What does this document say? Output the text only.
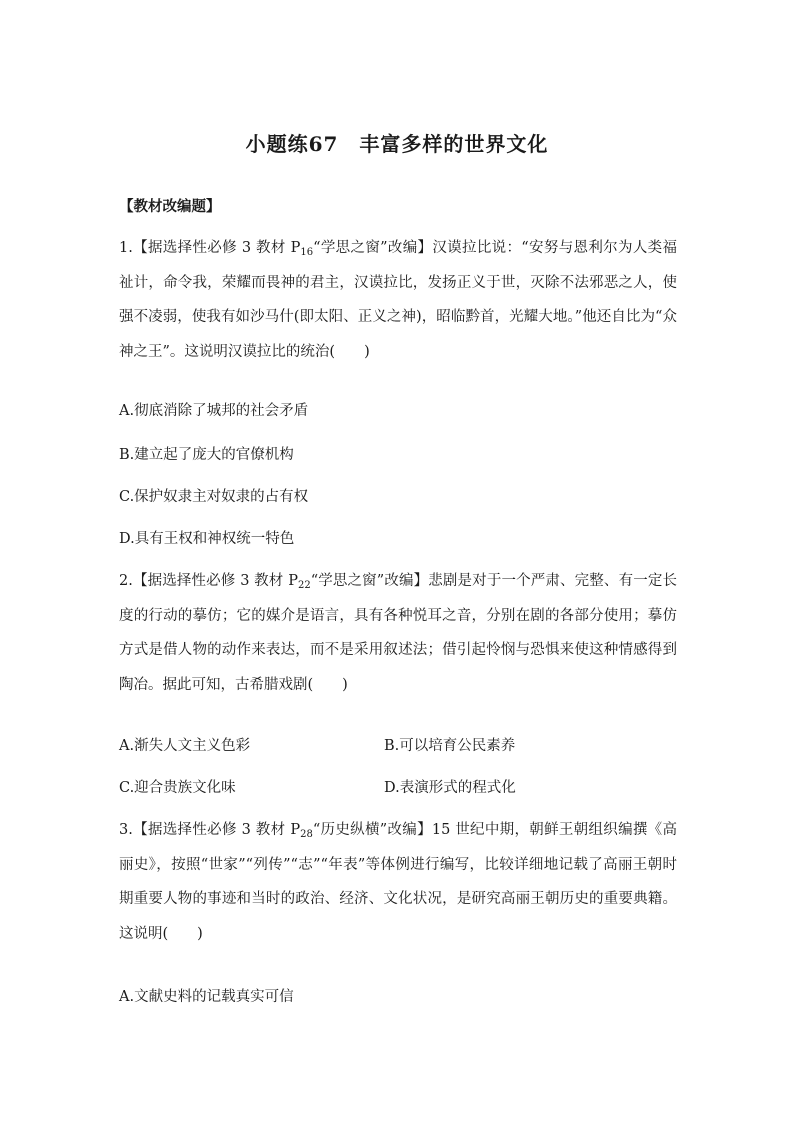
小题练67　丰富多样的世界文化
【教材改编题】
1.【据选择性必修 3 教材 $P_{16}“$学思之窗”改编】汉谟拉比说：“安努与恩利尔为人类福祉计，命令我，荣耀而畏神的君主，汉谟拉比，发扬正义于世，灭除不法邪恶之人，使强不凌弱，使我有如沙马什(即太阳、正义之神)，昭临黔首，光耀大地。”他还自比为“众神之王”。这说明汉谟拉比的统治(　　)
A.彻底消除了城邦的社会矛盾
B.建立起了庞大的官僚机构
C.保护奴隶主对奴隶的占有权
D.具有王权和神权统一特色
2.【据选择性必修 3 教材 $P_{22}“$学思之窗”改编】悲剧是对于一个严肃、完整、有一定长度的行动的摹仿；它的媒介是语言，具有各种悦耳之音，分别在剧的各部分使用；摹仿方式是借人物的动作来表达，而不是采用叙述法；借引起怜悯与恐惧来使这种情感得到陶冶。据此可知，古希腊戏剧(　　)
A.渐失人文主义色彩	B.可以培育公民素养
C.迎合贵族文化味	D.表演形式的程式化
3.【据选择性必修 3 教材 $P_{28}“$历史纵横”改编】15 世纪中期，朝鲜王朝组织编撰《高丽史》，按照“世家”“列传”“志”“年表”等体例进行编写，比较详细地记载了高丽王朝时期重要人物的事迹和当时的政治、经济、文化状况，是研究高丽王朝历史的重要典籍。这说明(　　)
A.文献史料的记载真实可信
